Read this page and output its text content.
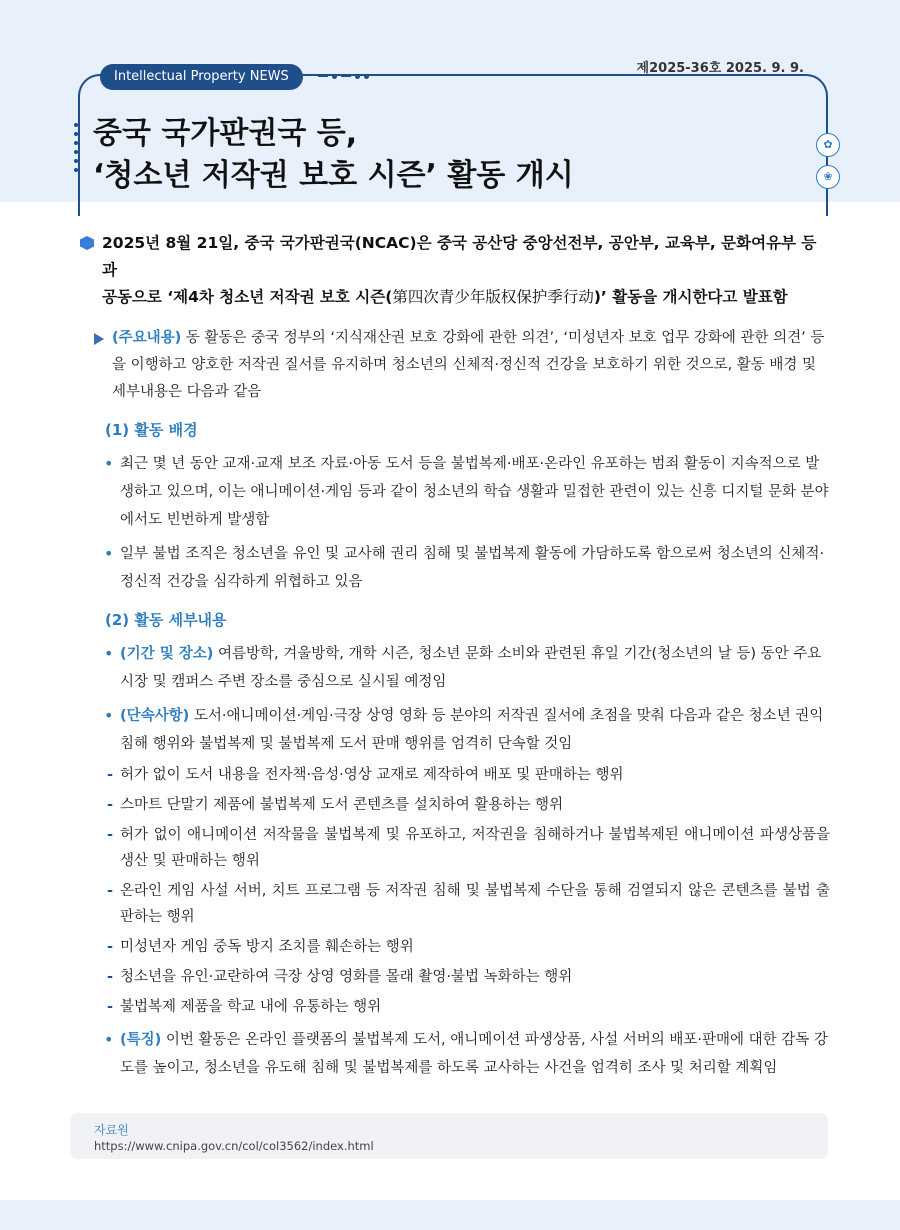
Intellectual Property NEWS
제2025-36호 2025. 9. 9.
중국 국가판권국 등,
‘청소년 저작권 보호 시즌’ 활동 개시
✿
❀
2025년 8월 21일, 중국 국가판권국(NCAC)은 중국 공산당 중앙선전부, 공안부, 교육부, 문화여유부 등과
공동으로 ‘제4차 청소년 저작권 보호 시즌(第四次青少年版权保护季行动)’ 활동을 개시한다고 발표함
(주요내용) 동 활동은 중국 정부의 ‘지식재산권 보호 강화에 관한 의견’, ‘미성년자 보호 업무 강화에 관한 의견’ 등을 이행하고 양호한 저작권 질서를 유지하며 청소년의 신체적·정신적 건강을 보호하기 위한 것으로, 활동 배경 및 세부내용은 다음과 같음
(1) 활동 배경
• 최근 몇 년 동안 교재·교재 보조 자료·아동 도서 등을 불법복제·배포·온라인 유포하는 범죄 활동이 지속적으로 발생하고 있으며, 이는 애니메이션·게임 등과 같이 청소년의 학습 생활과 밀접한 관련이 있는 신흥 디지털 문화 분야에서도 빈번하게 발생함
• 일부 불법 조직은 청소년을 유인 및 교사해 권리 침해 및 불법복제 활동에 가담하도록 함으로써 청소년의 신체적·정신적 건강을 심각하게 위협하고 있음
(2) 활동 세부내용
• (기간 및 장소) 여름방학, 겨울방학, 개학 시즌, 청소년 문화 소비와 관련된 휴일 기간(청소년의 날 등) 동안 주요 시장 및 캠퍼스 주변 장소를 중심으로 실시될 예정임
• (단속사항) 도서·애니메이션·게임·극장 상영 영화 등 분야의 저작권 질서에 초점을 맞춰 다음과 같은 청소년 권익 침해 행위와 불법복제 및 불법복제 도서 판매 행위를 엄격히 단속할 것임
- 허가 없이 도서 내용을 전자책·음성·영상 교재로 제작하여 배포 및 판매하는 행위
- 스마트 단말기 제품에 불법복제 도서 콘텐츠를 설치하여 활용하는 행위
- 허가 없이 애니메이션 저작물을 불법복제 및 유포하고, 저작권을 침해하거나 불법복제된 애니메이션 파생상품을 생산 및 판매하는 행위
- 온라인 게임 사설 서버, 치트 프로그램 등 저작권 침해 및 불법복제 수단을 통해 검열되지 않은 콘텐츠를 불법 출판하는 행위
- 미성년자 게임 중독 방지 조치를 훼손하는 행위
- 청소년을 유인·교란하여 극장 상영 영화를 몰래 촬영·불법 녹화하는 행위
- 불법복제 제품을 학교 내에 유통하는 행위
• (특징) 이번 활동은 온라인 플랫폼의 불법복제 도서, 애니메이션 파생상품, 사설 서버의 배포·판매에 대한 감독 강도를 높이고, 청소년을 유도해 침해 및 불법복제를 하도록 교사하는 사건을 엄격히 조사 및 처리할 계획임
자료원
https://www.cnipa.gov.cn/col/col3562/index.html
